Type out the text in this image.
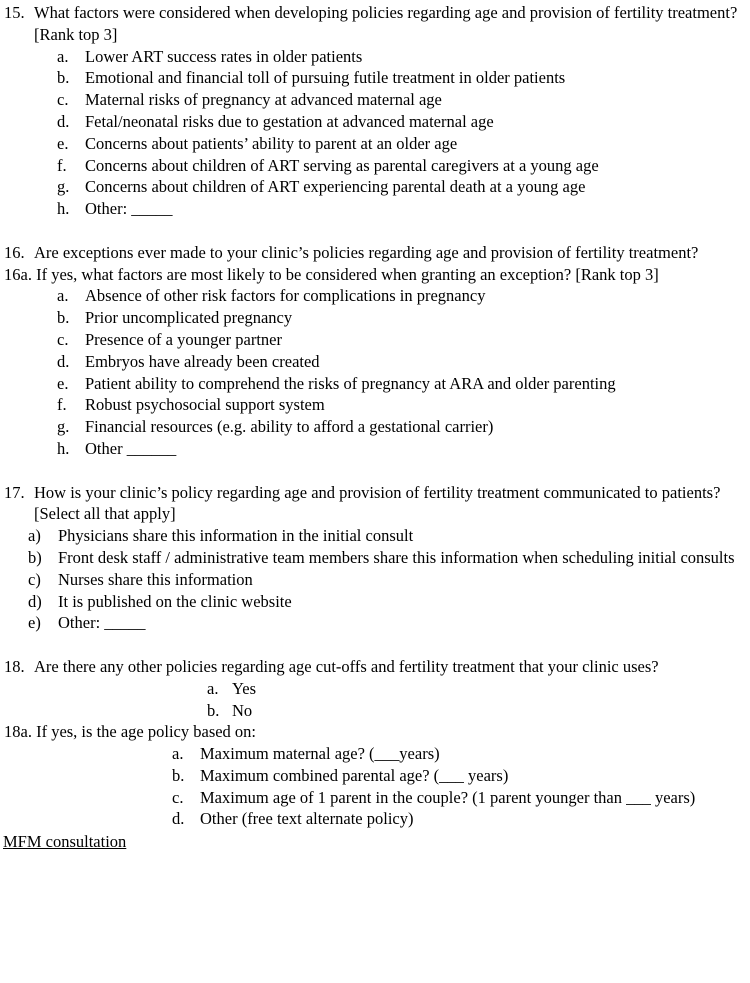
15. What factors were considered when developing policies regarding age and provision of fertility treatment? [Rank top 3]
a. Lower ART success rates in older patients
b. Emotional and financial toll of pursuing futile treatment in older patients
c. Maternal risks of pregnancy at advanced maternal age
d. Fetal/neonatal risks due to gestation at advanced maternal age
e. Concerns about patients’ ability to parent at an older age
f. Concerns about children of ART serving as parental caregivers at a young age
g. Concerns about children of ART experiencing parental death at a young age
h. Other: _____
16. Are exceptions ever made to your clinic’s policies regarding age and provision of fertility treatment?
16a. If yes, what factors are most likely to be considered when granting an exception? [Rank top 3]
a. Absence of other risk factors for complications in pregnancy
b. Prior uncomplicated pregnancy
c. Presence of a younger partner
d. Embryos have already been created
e. Patient ability to comprehend the risks of pregnancy at ARA and older parenting
f. Robust psychosocial support system
g. Financial resources (e.g. ability to afford a gestational carrier)
h. Other ______
17. How is your clinic’s policy regarding age and provision of fertility treatment communicated to patients? [Select all that apply]
a) Physicians share this information in the initial consult
b) Front desk staff / administrative team members share this information when scheduling initial consults
c) Nurses share this information
d) It is published on the clinic website
e) Other: _____
18. Are there any other policies regarding age cut-offs and fertility treatment that your clinic uses?
a. Yes
b. No
18a. If yes, is the age policy based on:
a. Maximum maternal age? (___years)
b. Maximum combined parental age? (___ years)
c. Maximum age of 1 parent in the couple? (1 parent younger than ___ years)
d. Other (free text alternate policy)
MFM consultation
